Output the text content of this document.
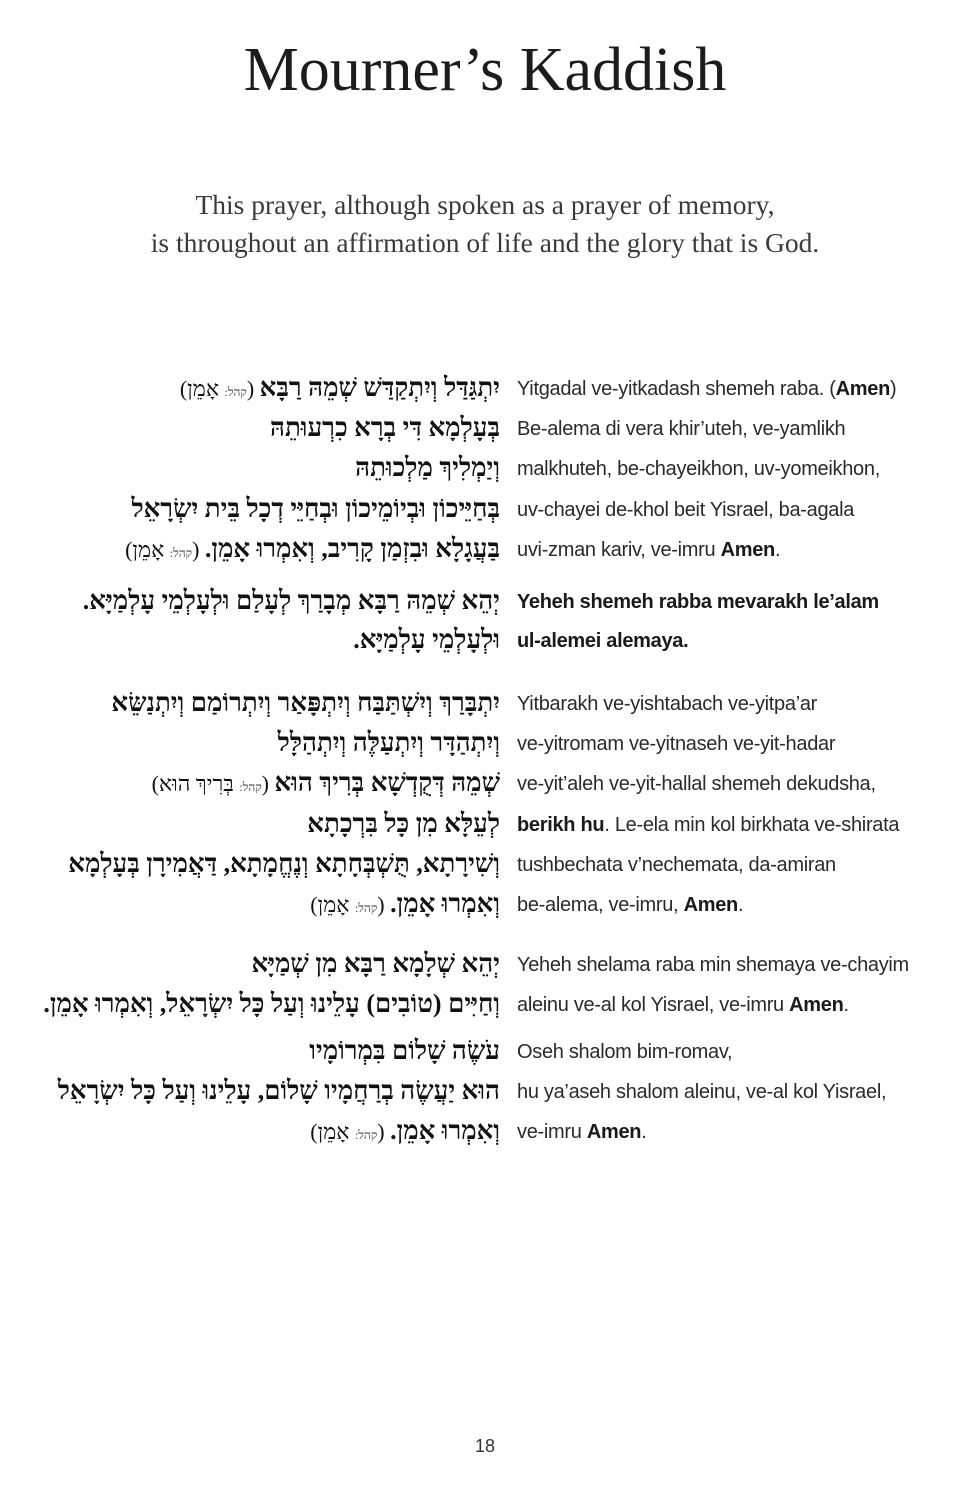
Mourner’s Kaddish
This prayer, although spoken as a prayer of memory,
is throughout an affirmation of life and the glory that is God.
יִתְגַּדַּל וְיִתְקַדַּשׁ שְׁמֵהּ רַבָּא (קהל: אָמֵן)	Yitgadal ve-yitkadash shemeh raba. (Amen)
בְּעָלְמָא דִּי בְרָא כִרְעוּתֵהּ Be-alema di vera khir’uteh, ve-yamlikh
וְיַמְלִיךְ מַלְכוּתֵהּ malkhuteh, be-chayeikhon, uv-yomeikhon,
בְּחַיֵּיכוֹן וּבְיוֹמֵיכוֹן וּבְחַיֵּי דְכָל בֵּית יִשְׂרָאֵל uv-chayei de-khol beit Yisrael, ba-agala
בַּעֲגָלָא וּבִזְמַן קָרִיב, וְאִמְרוּ אָמֵן. (קהל: אָמֵן)	uvi-zman kariv, ve-imru Amen.
יְהֵא שְׁמֵהּ רַבָּא מְבָרַךְ לְעָלַם וּלְעָלְמֵי עָלְמַיָּא. Yeheh shemeh rabba mevarakh le’alam
וּלְעָלְמֵי עָלְמַיָּא. ul-alemei alemaya.
יִתְבָּרַךְ וְיִשְׁתַּבַּח וְיִתְפָּאַר וְיִתְרוֹמַם וְיִתְנַשֵּׂא Yitbarakh ve-yishtabach ve-yitpa’ar
וְיִתְהַדָּר וְיִתְעַלֶּה וְיִתְהַלָּל ve-yitromam ve-yitnaseh ve-yit-hadar
שְׁמֵהּ דְּקֻדְשָׁא בְּרִיךְ הוּא (קהל: בְּרִיךְ הוּא)	ve-yit’aleh ve-yit-hallal shemeh dekudsha,
לְעֵלָּא מִן כָּל בִּרְכָתָא berikh hu. Le-ela min kol birkhata ve-shirata
וְשִׁירָתָא, תֻּשְׁבְּחָתָא וְנֶחֱמָתָא, דַּאֲמִירָן בְּעָלְמָא tushbechata v’nechemata, da-amiran
וְאִמְרוּ אָמֵן. (קהל: אָמֵן)	be-alema, ve-imru, Amen.
יְהֵא שְׁלָמָא רַבָּא מִן שְׁמַיָּא Yeheh shelama raba min shemaya ve-chayim
וְחַיִּים (טוֹבִים) עָלֵינוּ וְעַל כָּל יִשְׂרָאֵל, וְאִמְרוּ אָמֵן. aleinu ve-al kol Yisrael, ve-imru Amen.
עֹשֶׂה שָׁלוֹם בִּמְרוֹמָיו Oseh shalom bim-romav,
הוּא יַעֲשֶׂה בְרַחֲמָיו שָׁלוֹם, עָלֵינוּ וְעַל כָּל יִשְׂרָאֵל hu ya’aseh shalom aleinu, ve-al kol Yisrael,
וְאִמְרוּ אָמֵן. (קהל: אָמֵן)	ve-imru Amen.
18
